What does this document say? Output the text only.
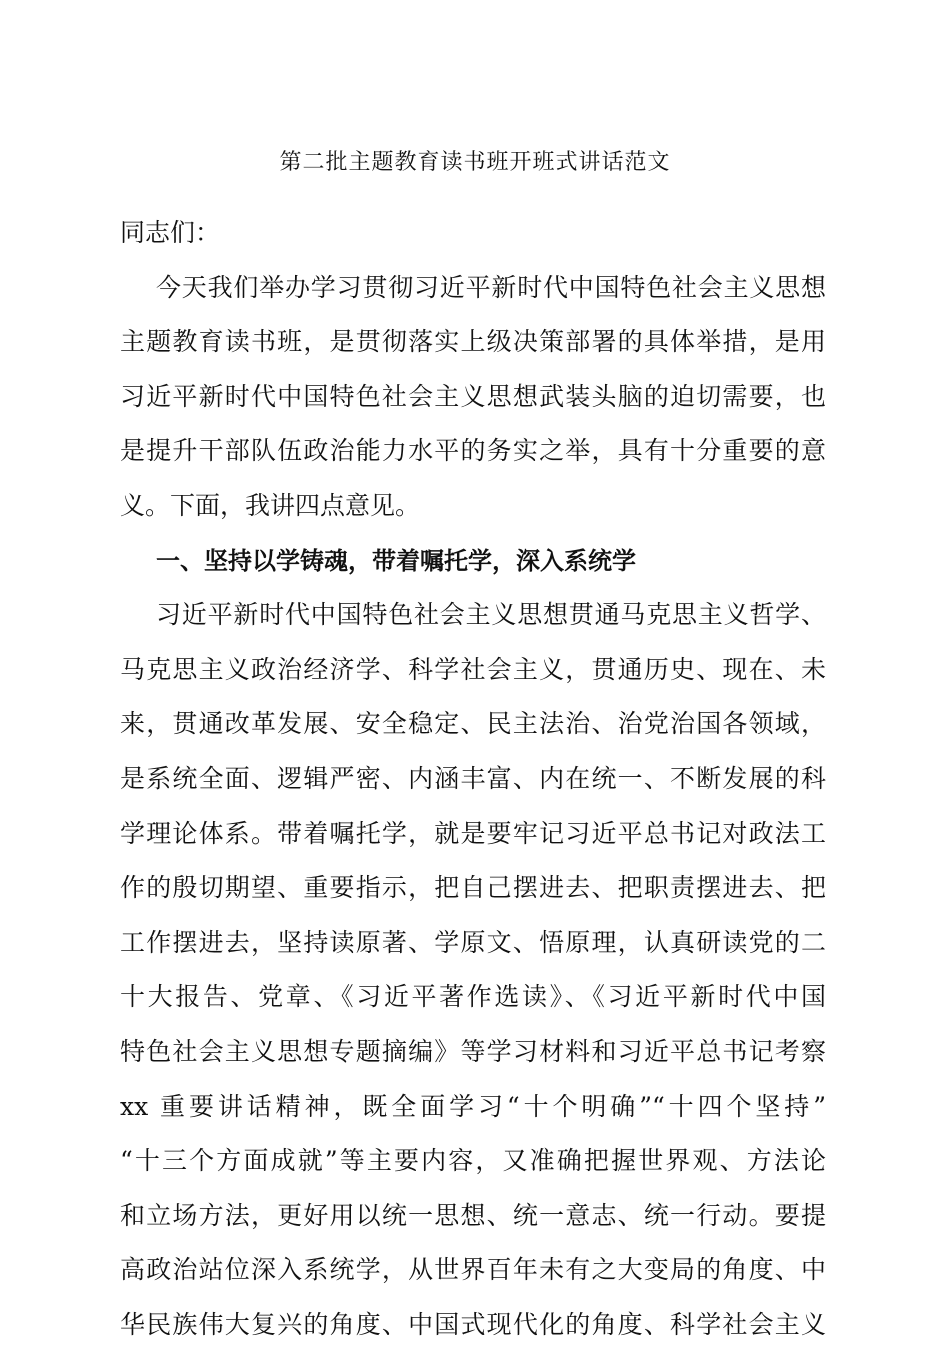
第二批主题教育读书班开班式讲话范文
同志们：
今天我们举办学习贯彻习近平新时代中国特色社会主义思想
主题教育读书班，是贯彻落实上级决策部署的具体举措，是用
习近平新时代中国特色社会主义思想武装头脑的迫切需要，也
是提升干部队伍政治能力水平的务实之举，具有十分重要的意
义。下面，我讲四点意见。
一、坚持以学铸魂，带着嘱托学，深入系统学
习近平新时代中国特色社会主义思想贯通马克思主义哲学、
马克思主义政治经济学、科学社会主义，贯通历史、现在、未
来，贯通改革发展、安全稳定、民主法治、治党治国各领域，
是系统全面、逻辑严密、内涵丰富、内在统一、不断发展的科
学理论体系。带着嘱托学，就是要牢记习近平总书记对政法工
作的殷切期望、重要指示，把自己摆进去、把职责摆进去、把
工作摆进去，坚持读原著、学原文、悟原理，认真研读党的二
十大报告、党章、《习近平著作选读》、《习近平新时代中国
特色社会主义思想专题摘编》等学习材料和习近平总书记考察
xx 重要讲话精神，既全面学习“十个明确”“十四个坚持”
“十三个方面成就”等主要内容，又准确把握世界观、方法论
和立场方法，更好用以统一思想、统一意志、统一行动。要提
高政治站位深入系统学，从世界百年未有之大变局的角度、中
华民族伟大复兴的角度、中国式现代化的角度、科学社会主义
